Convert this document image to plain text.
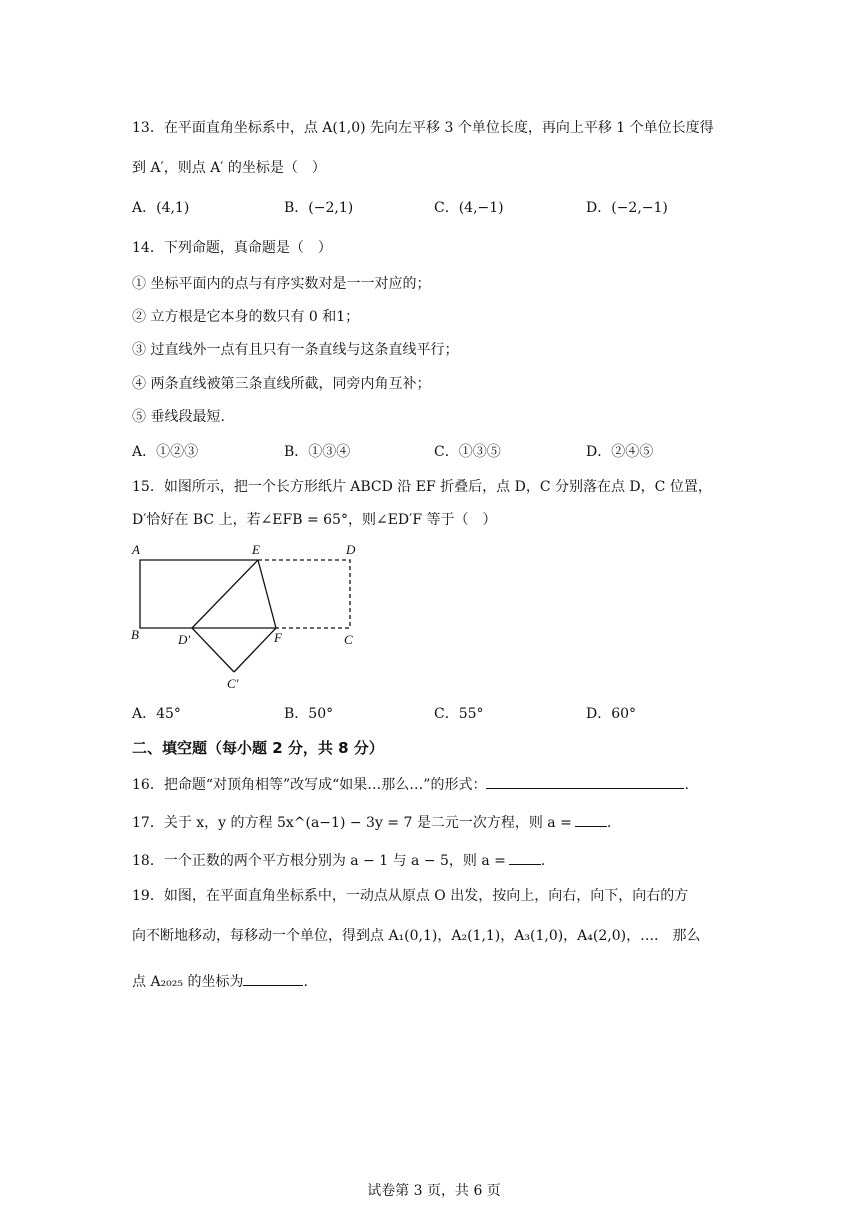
13．在平面直角坐标系中，点 A(1,0) 先向左平移 3 个单位长度，再向上平移 1 个单位长度得
到 A′，则点 A′ 的坐标是（　）
A．(4,1)	B．(−2,1)	C．(4,−1)	D．(−2,−1)
14．下列命题，真命题是（　）
① 坐标平面内的点与有序实数对是一一对应的；
② 立方根是它本身的数只有 0 和1；
③ 过直线外一点有且只有一条直线与这条直线平行；
④ 两条直线被第三条直线所截，同旁内角互补；
⑤ 垂线段最短.
A．①②③	B．①③④	C．①③⑤	D．②④⑤
15．如图所示，把一个长方形纸片 ABCD 沿 EF 折叠后，点 D，C 分别落在点 D，C 位置，
D′恰好在 BC 上，若∠EFB = 65°，则∠ED′F 等于（　）
A	E	D
B	D′	F	C
C′
A．45°	B．50°	C．55°	D．60°
二、填空题（每小题 2 分，共 8 分）
16．把命题“对顶角相等”改写成“如果…那么…”的形式：	.
17．关于 x，y 的方程 5x^(a−1) − 3y = 7 是二元一次方程，则 a =	.
18．一个正数的两个平方根分别为 a − 1 与 a − 5，则 a =	.
19．如图，在平面直角坐标系中，一动点从原点 O 出发，按向上，向右，向下，向右的方
向不断地移动，每移动一个单位，得到点 A₁(0,1)，A₂(1,1)，A₃(1,0)，A₄(2,0)，…． 那么
点 A₂₀₂₅ 的坐标为	.
试卷第 3 页，共 6 页
